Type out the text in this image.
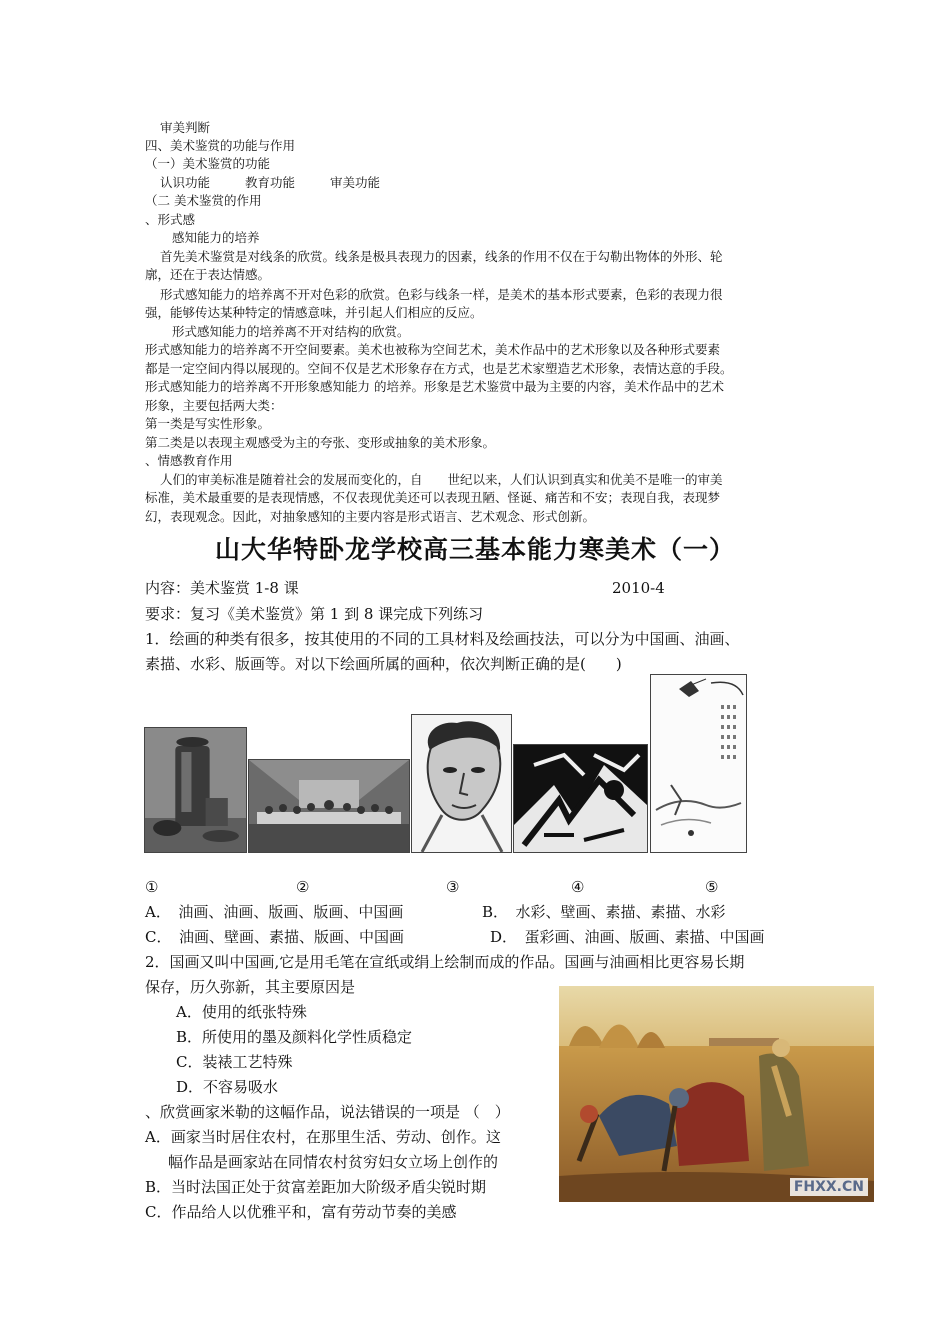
审美判断
四、美术鉴赏的功能与作用
（一）美术鉴赏的功能
认识功能	教育功能	审美功能
（二 美术鉴赏的作用
、形式感
感知能力的培养
首先美术鉴赏是对线条的欣赏。线条是极具表现力的因素，线条的作用不仅在于勾勒出物体的外形、轮
廓，还在于表达情感。
形式感知能力的培养离不开对色彩的欣赏。色彩与线条一样，是美术的基本形式要素，色彩的表现力很
强，能够传达某种特定的情感意味，并引起人们相应的反应。
形式感知能力的培养离不开对结构的欣赏。
形式感知能力的培养离不开空间要素。美术也被称为空间艺术，美术作品中的艺术形象以及各种形式要素
都是一定空间内得以展现的。空间不仅是艺术形象存在方式，也是艺术家塑造艺术形象，表情达意的手段。
形式感知能力的培养离不开形象感知能力 的培养。形象是艺术鉴赏中最为主要的内容，美术作品中的艺术
形象，主要包括两大类：
第一类是写实性形象。
第二类是以表现主观感受为主的夸张、变形或抽象的美术形象。
、情感教育作用
人们的审美标准是随着社会的发展而变化的，自　　世纪以来，人们认识到真实和优美不是唯一的审美
标准，美术最重要的是表现情感，不仅表现优美还可以表现丑陋、怪诞、痛苦和不安；表现自我，表现梦
幻，表现观念。因此，对抽象感知的主要内容是形式语言、艺术观念、形式创新。
山大华特卧龙学校高三基本能力寒美术（一）
内容：美术鉴赏 1-8 课	2010-4
要求：复习《美术鉴赏》第 1 到 8 课完成下列练习
1．绘画的种类有很多，按其使用的不同的工具材料及绘画技法，可以分为中国画、油画、
素描、水彩、版画等。对以下绘画所属的画种，依次判断正确的是(　　)
①	②	③	④	⑤
A．　油画、油画、版画、版画、中国画	B．　水彩、壁画、素描、素描、水彩
C．　油画、壁画、素描、版画、中国画	D．　蛋彩画、油画、版画、素描、中国画
2．国画又叫中国画,它是用毛笔在宣纸或绢上绘制而成的作品。国画与油画相比更容易长期
保存，历久弥新，其主要原因是
A．使用的纸张特殊
B．所使用的墨及颜料化学性质稳定
C．装裱工艺特殊
D．不容易吸水
、欣赏画家米勒的这幅作品，说法错误的一项是 （　）
A．画家当时居住农村，在那里生活、劳动、创作。这
幅作品是画家站在同情农村贫穷妇女立场上创作的
B．当时法国正处于贫富差距加大阶级矛盾尖锐时期
C．作品给人以优雅平和，富有劳动节奏的美感
FHXX.CN
